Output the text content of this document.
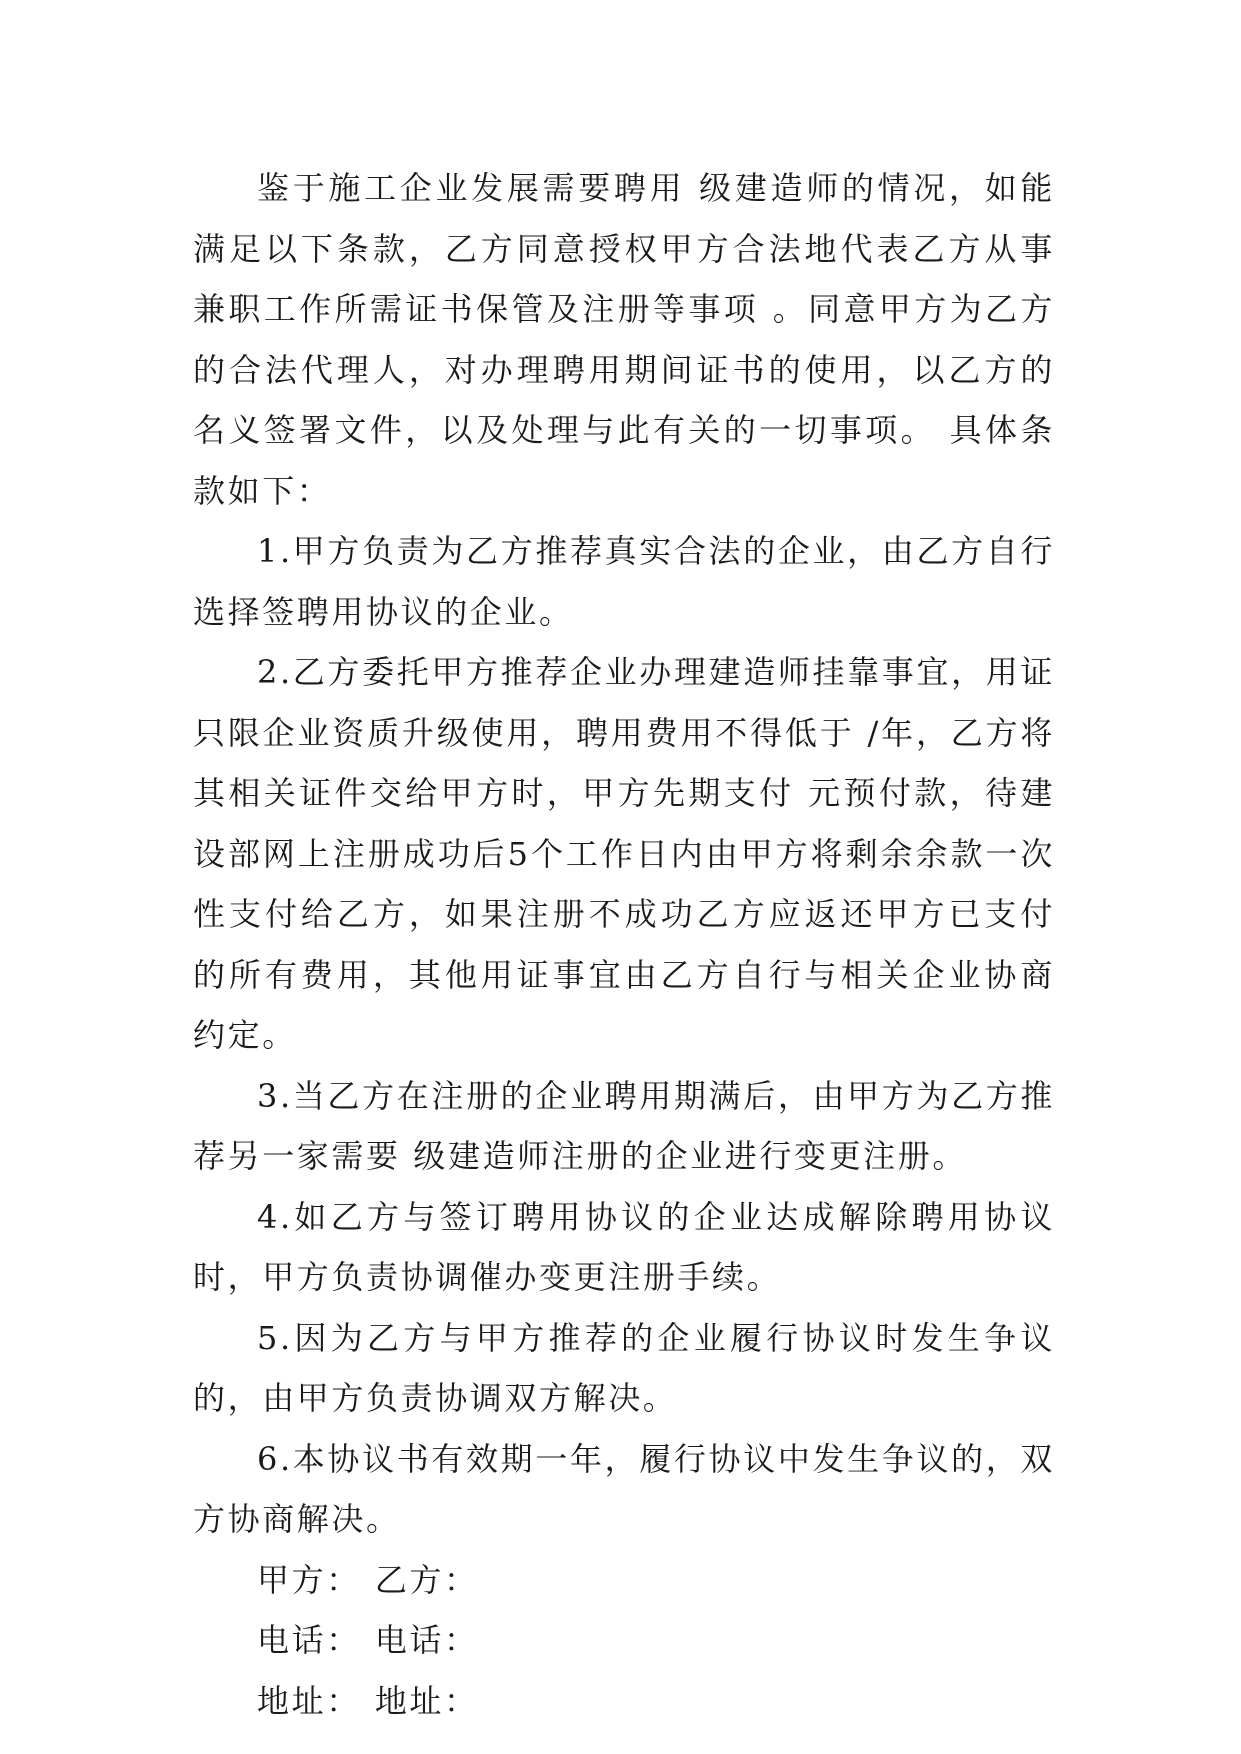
鉴于施工企业发展需要聘用 级建造师的情况，如能满足以下条款，乙方同意授权甲方合法地代表乙方从事兼职工作所需证书保管及注册等事项 。同意甲方为乙方的合法代理人，对办理聘用期间证书的使用，以乙方的名义签署文件，以及处理与此有关的一切事项。 具体条款如下：

1.甲方负责为乙方推荐真实合法的企业，由乙方自行选择签聘用协议的企业。

2.乙方委托甲方推荐企业办理建造师挂靠事宜，用证只限企业资质升级使用，聘用费用不得低于 /年，乙方将其相关证件交给甲方时，甲方先期支付 元预付款，待建设部网上注册成功后5个工作日内由甲方将剩余余款一次性支付给乙方，如果注册不成功乙方应返还甲方已支付的所有费用，其他用证事宜由乙方自行与相关企业协商约定。

3.当乙方在注册的企业聘用期满后，由甲方为乙方推荐另一家需要 级建造师注册的企业进行变更注册。

4.如乙方与签订聘用协议的企业达成解除聘用协议时，甲方负责协调催办变更注册手续。

5.因为乙方与甲方推荐的企业履行协议时发生争议的，由甲方负责协调双方解决。

6.本协议书有效期一年，履行协议中发生争议的，双方协商解决。

甲方： 乙方：

电话： 电话：

地址： 地址：
